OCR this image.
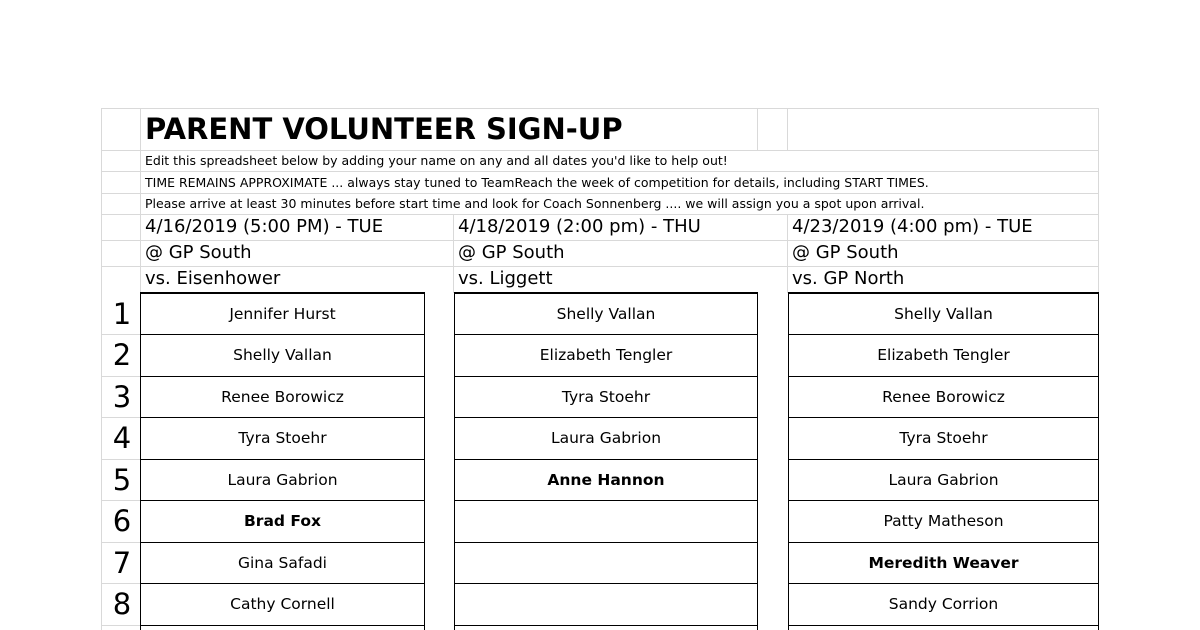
PARENT VOLUNTEER SIGN-UP
Edit this spreadsheet below by adding your name on any and all dates you'd like to help out!
TIME REMAINS APPROXIMATE ... always stay tuned to TeamReach the week of competition for details, including START TIMES.
Please arrive at least 30 minutes before start time and look for Coach Sonnenberg .... we will assign you a spot upon arrival.
4/16/2019 (5:00 PM) - TUE
@ GP South
vs. Eisenhower
4/18/2019 (2:00 pm) - THU
@ GP South
vs. Liggett
4/23/2019 (4:00 pm) - TUE
@ GP South
vs. GP North
1
2
3
4
5
6
7
8
Jennifer Hurst
Shelly Vallan
Renee Borowicz
Tyra Stoehr
Laura Gabrion
Brad Fox
Gina Safadi
Cathy Cornell
Shelly Vallan
Elizabeth Tengler
Tyra Stoehr
Laura Gabrion
Anne Hannon
Shelly Vallan
Elizabeth Tengler
Renee Borowicz
Tyra Stoehr
Laura Gabrion
Patty Matheson
Meredith Weaver
Sandy Corrion
